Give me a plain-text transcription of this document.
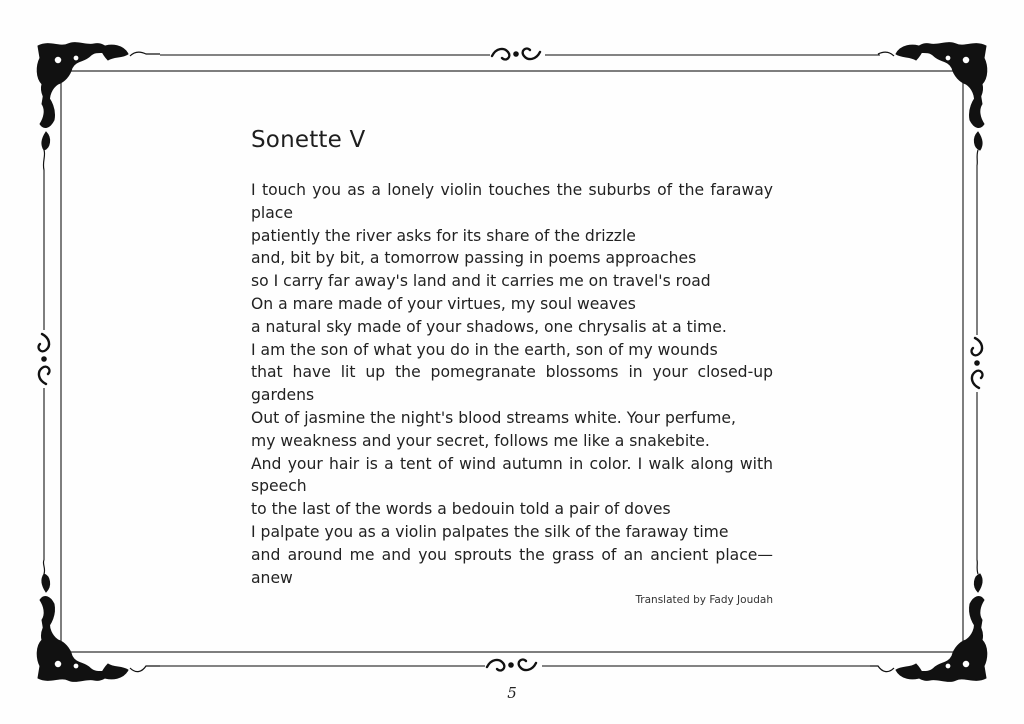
Sonette V
I touch you as a lonely violin touches the suburbs of the faraway place
patiently the river asks for its share of the drizzle
and, bit by bit, a tomorrow passing in poems approaches
so I carry far away's land and it carries me on travel's road
On a mare made of your virtues, my soul weaves
a natural sky made of your shadows, one chrysalis at a time.
I am the son of what you do in the earth, son of my wounds
that have lit up the pomegranate blossoms in your closed-up gardens
Out of jasmine the night's blood streams white. Your perfume,
my weakness and your secret, follows me like a snakebite.
And your hair is a tent of wind autumn in color. I walk along with speech
to the last of the words a bedouin told a pair of doves
I palpate you as a violin palpates the silk of the faraway time
and around me and you sprouts the grass of an ancient place—anew
Translated by Fady Joudah
5
